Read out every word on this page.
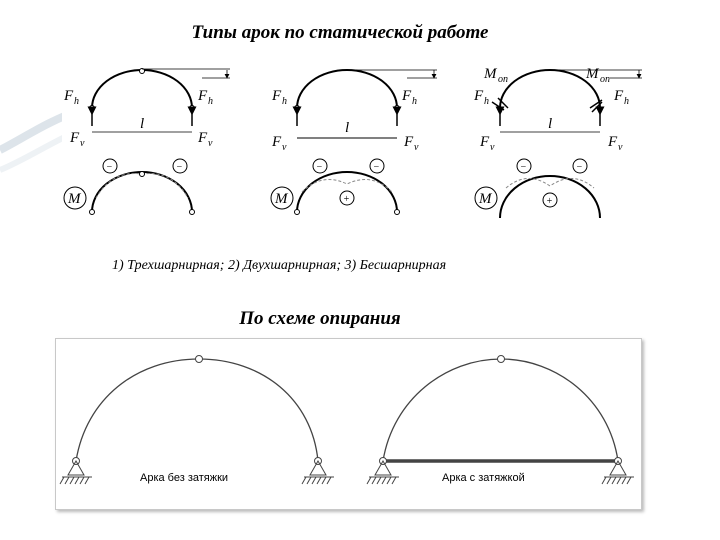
Типы арок по статической работе
F h	F h
F v	F v
l
−	−
M
F h	F h
F v	F v
l
−	−
+
M
F h	F h
M on	M on
F v	F v
l
−	−
+
M
1) Трехшарнирная; 2) Двухшарнирная; 3) Бесшарнирная
По схеме опирания
Арка без затяжки	Арка с затяжкой
